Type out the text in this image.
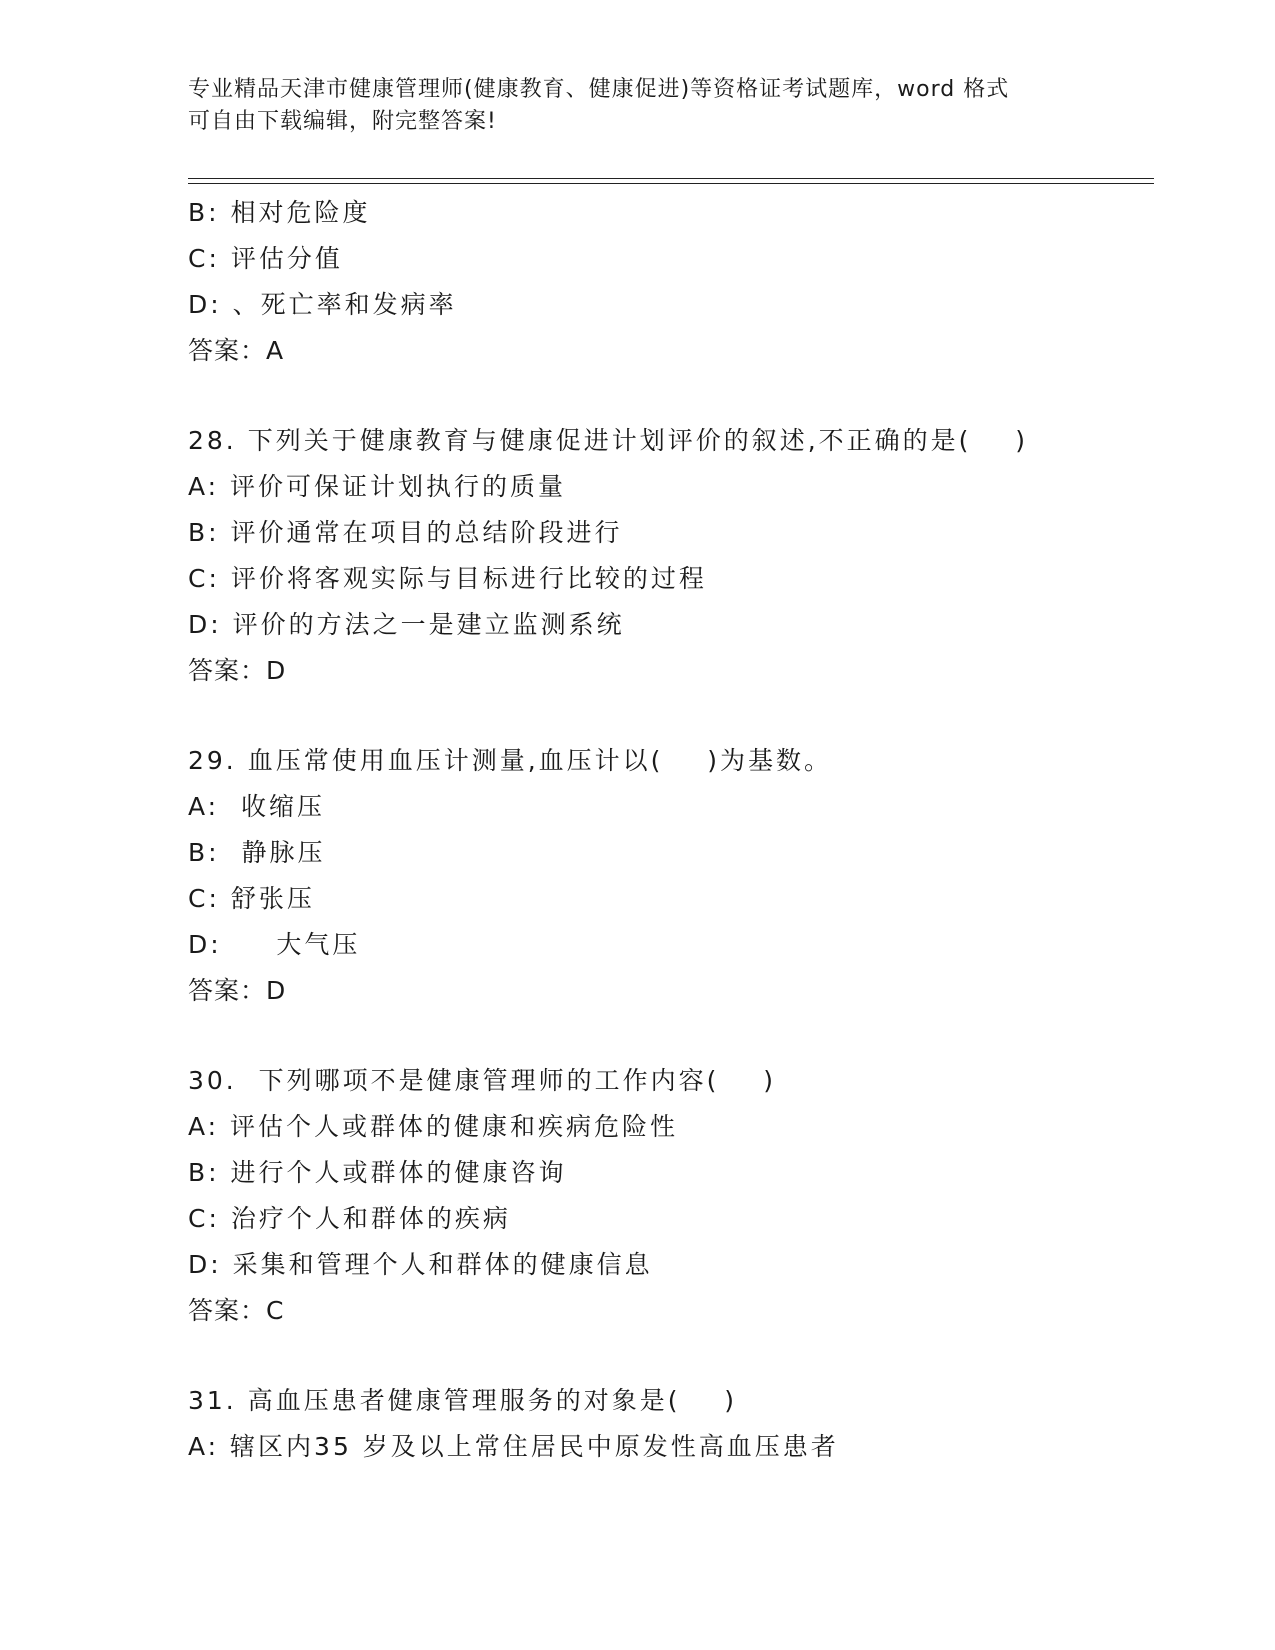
专业精品天津市健康管理师(健康教育、健康促进)等资格证考试题库，word 格式
可自由下载编辑，附完整答案!
B: 相对危险度
C: 评估分值
D: 、死亡率和发病率
答案：A
28. 下列关于健康教育与健康促进计划评价的叙述,不正确的是(    )
A: 评价可保证计划执行的质量
B: 评价通常在项目的总结阶段进行
C: 评价将客观实际与目标进行比较的过程
D: 评价的方法之一是建立监测系统
答案：D
29. 血压常使用血压计测量,血压计以(    )为基数。
A:  收缩压
B:  静脉压
C: 舒张压
D:     大气压
答案：D
30.  下列哪项不是健康管理师的工作内容(    )
A: 评估个人或群体的健康和疾病危险性
B: 进行个人或群体的健康咨询
C: 治疗个人和群体的疾病
D: 采集和管理个人和群体的健康信息
答案：C
31. 高血压患者健康管理服务的对象是(    )
A: 辖区内35 岁及以上常住居民中原发性高血压患者
